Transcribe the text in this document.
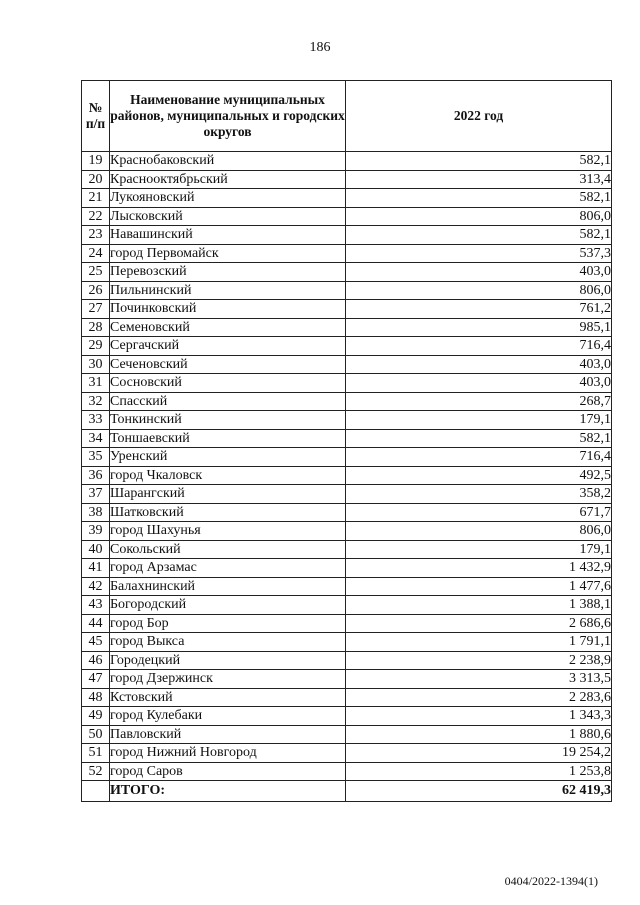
186
№ п/п	Наименование муниципальных районов, муниципальных и городских округов	2022 год
19	Краснобаковский	582,1
20	Краснооктябрьский	313,4
21	Лукояновский	582,1
22	Лысковский	806,0
23	Навашинский	582,1
24	город Первомайск	537,3
25	Перевозский	403,0
26	Пильнинский	806,0
27	Починковский	761,2
28	Семеновский	985,1
29	Сергачский	716,4
30	Сеченовский	403,0
31	Сосновский	403,0
32	Спасский	268,7
33	Тонкинский	179,1
34	Тоншаевский	582,1
35	Уренский	716,4
36	город Чкаловск	492,5
37	Шарангский	358,2
38	Шатковский	671,7
39	город Шахунья	806,0
40	Сокольский	179,1
41	город Арзамас	1 432,9
42	Балахнинский	1 477,6
43	Богородский	1 388,1
44	город Бор	2 686,6
45	город Выкса	1 791,1
46	Городецкий	2 238,9
47	город Дзержинск	3 313,5
48	Кстовский	2 283,6
49	город Кулебаки	1 343,3
50	Павловский	1 880,6
51	город Нижний Новгород	19 254,2
52	город Саров	1 253,8
	ИТОГО:	62 419,3
0404/2022-1394(1)
